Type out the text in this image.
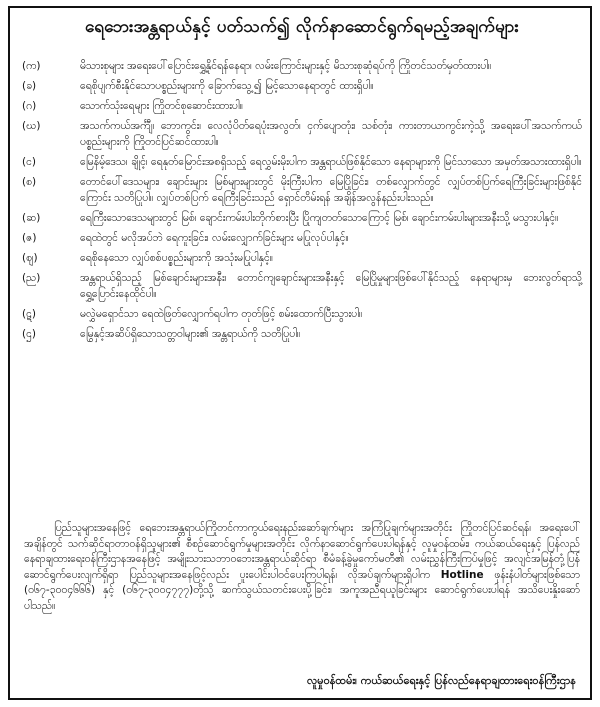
ရေဘေးအန္တရာယ်နှင့် ပတ်သက်၍ လိုက်နာဆောင်ရွက်ရမည့်အချက်များ
(က)	မိသားစုများ အရေးပေါ်ပြောင်းရွှေ့နိုင်ရန်နေရာ၊ လမ်းကြောင်းများနှင့် မိသားစုဆုံရပ်ကို ကြိုတင်သတ်မှတ်ထားပါ။
(ခ)	ရေစိုပျက်စီးနိုင်သောပစ္စည်းများကို ခြောက်သွေ့၍ မြင့်သောနေရာတွင် ထားရှိပါ။
(ဂ)	သောက်သုံးရေများ ကြိုတင်စုဆောင်းထားပါ။
(ဃ)	အသက်ကယ်အင်္ကျီ၊ ဘောကွင်း၊ လေလုံပိတ်ရေပုံးအလွတ်၊ ငှက်ပျောတုံး၊ သစ်တုံး၊ ကားတာယာကွင်းကဲ့သို့ အရေးပေါ်အသက်ကယ်ပစ္စည်းများကို ကြိုတင်ပြင်ဆင်ထားပါ။
(င)	မြေနိမ့်ဒေသ၊ ချိုင့်၊ ရေနုတ်မြောင်းအစရှိသည့် ရေလွှမ်းမိုးပါက အန္တရာယ်ဖြစ်နိုင်သော နေရာများကို မြင်သာသော အမှတ်အသားထားရှိပါ။
(စ)	တောင်ပေါ်ဒေသများ၊ ချောင်းများ မြစ်များများတွင် မိုးကြီးပါက မြေပြိုခြင်း၊ တစ်လျှောက်တွင် လျှပ်တစ်ပြက်ရေကြီးခြင်းများဖြစ်နိုင်ကြောင်း သတိပြုပါ။ လျှပ်တစ်ပြက် ရေကြီးခြင်းသည် ရှောင်တိမ်းရန် အချိန်အလွန်နည်းပါးသည်။
(ဆ)	ရေကြီးသောဒေသများတွင် မြစ်၊ ချောင်းကမ်းပါးတိုက်စားပြီး ပြိုကျတတ်သောကြောင့် မြစ်၊ ချောင်းကမ်းပါးများအနီးသို့ မသွားပါနှင့်။
(ဇ)	ရေထဲတွင် မလိုအပ်ဘဲ ရေကူးခြင်း၊ လမ်းလျှောက်ခြင်းများ မပြုလုပ်ပါနှင့်။
(ဈ)	ရေစိုနေသော လျှပ်စစ်ပစ္စည်းများကို အသုံးမပြုပါနှင့်။
(ည)	အန္တရာယ်ရှိသည့် မြစ်ချောင်းများအနီး၊ တောင်ကျချောင်းများအနီးနှင့် မြေပြိုမှုများဖြစ်ပေါ်နိုင်သည့် နေရာများမှ ဘေးလွတ်ရာသို့ ရွှေ့ပြောင်းနေထိုင်ပါ။
(ဋ)	မလွှဲမရှောင်သာ ရေထဲဖြတ်လျှောက်ရပါက တုတ်ဖြင့် စမ်းထောက်ပြီးသွားပါ။
(ဌ)	မြွေနှင့်အဆိပ်ရှိသောသတ္တဝါများ၏ အန္တရာယ်ကို သတိပြုပါ။
ပြည်သူများအနေဖြင့် ရေဘေးအန္တရာယ်ကြိုတင်ကာကွယ်ရေးနည်းဆော်ချက်များ အကြံပြုချက်များအတိုင်း ကြိုတင်ပြင်ဆင်ရန်၊ အရေးပေါ်အချိန်တွင် သက်ဆိုင်ရာတာဝန်ရှိသူများ၏ စီစဉ်ဆောင်ရွက်မှုများအတိုင်း လိုက်နာဆောင်ရွက်ပေးပါရန်နှင့် လူမှုဝန်ထမ်း၊ ကယ်ဆယ်ရေးနှင့် ပြန်လည်နေရာချထားရေးဝန်ကြီးဌာနအနေဖြင့် အမျိုးသားသဘာဝဘေးအန္တရာယ်ဆိုင်ရာ စီမံခန့်ခွဲမှုကော်မတီ၏ လမ်းညွှန်ကြီးကြပ်မှုဖြင့် အလျင်အမြန်တုံ့ပြန်ဆောင်ရွက်ပေးလျက်ရှိရာ ပြည်သူများအနေဖြင့်လည်း ပူးပေါင်းပါဝင်ပေးကြပါရန်၊ လိုအပ်ချက်များရှိပါက Hotline ဖုန်းနံပါတ်များဖြစ်သော (၀၆၇-၃၀၀၄၆၆၆) နှင့် (၀၆၇-၃၀၀၄၇၇၇)တို့သို့ ဆက်သွယ်သတင်းပေးပို့ခြင်း၊ အကူအညီရယူခြင်းများ ဆောင်ရွက်ပေးပါရန် အသိပေးနှိုးဆော်ပါသည်။
လူမှုဝန်ထမ်း၊ ကယ်ဆယ်ရေးနှင့် ပြန်လည်နေရာချထားရေးဝန်ကြီးဌာန
